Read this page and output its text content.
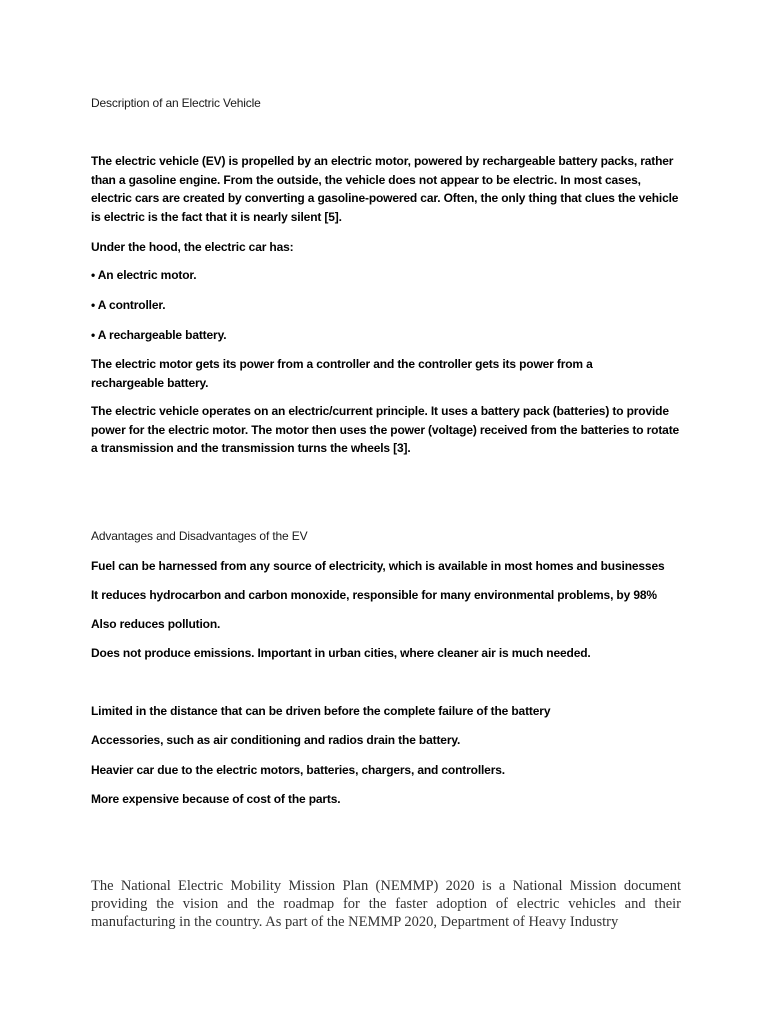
Description of an Electric Vehicle
The electric vehicle (EV) is propelled by an electric motor, powered by rechargeable battery packs, rather than a gasoline engine. From the outside, the vehicle does not appear to be electric. In most cases, electric cars are created by converting a gasoline-powered car. Often, the only thing that clues the vehicle is electric is the fact that it is nearly silent [5].
Under the hood, the electric car has:
• An electric motor.
• A controller.
• A rechargeable battery.
The electric motor gets its power from a controller and the controller gets its power from a rechargeable battery.
The electric vehicle operates on an electric/current principle. It uses a battery pack (batteries) to provide power for the electric motor. The motor then uses the power (voltage) received from the batteries to rotate a transmission and the transmission turns the wheels [3].
Advantages and Disadvantages of the EV
Fuel can be harnessed from any source of electricity, which is available in most homes and businesses
It reduces hydrocarbon and carbon monoxide, responsible for many environmental problems, by 98%
Also reduces pollution.
Does not produce emissions. Important in urban cities, where cleaner air is much needed.
Limited in the distance that can be driven before the complete failure of the battery
Accessories, such as air conditioning and radios drain the battery.
Heavier car due to the electric motors, batteries, chargers, and controllers.
More expensive because of cost of the parts.
The National Electric Mobility Mission Plan (NEMMP) 2020 is a National Mission document providing the vision and the roadmap for the faster adoption of electric vehicles and their manufacturing in the country. As part of the NEMMP 2020, Department of Heavy Industry
